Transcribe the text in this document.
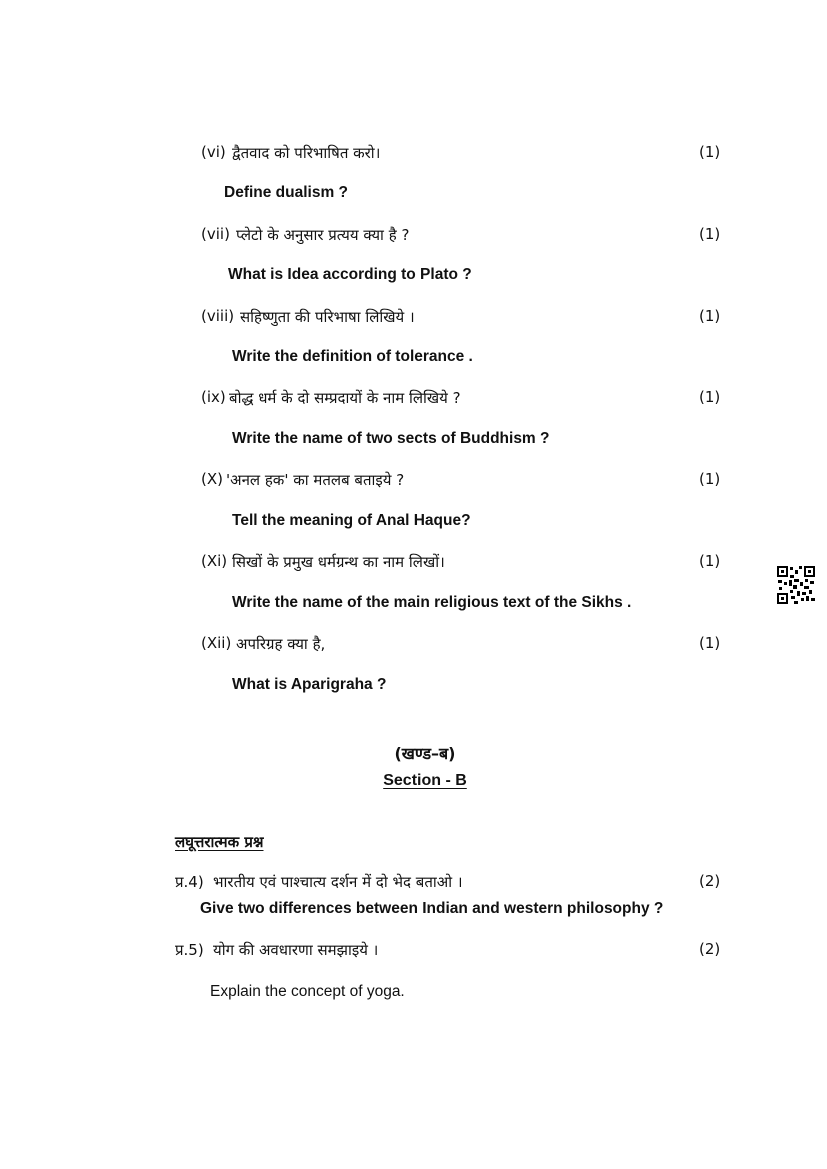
(vi) द्वैतवाद को परिभाषित करो।	(1)
Define dualism ?
(vii) प्लेटो के अनुसार प्रत्यय क्या है ?	(1)
What is Idea according to Plato ?
(viii) सहिष्णुता की परिभाषा लिखिये ।	(1)
Write the definition of tolerance .
(ix) बोद्ध धर्म के दो सम्प्रदायों के नाम लिखिये ?	(1)
Write the name of two sects of Buddhism ?
(X) 'अनल हक' का मतलब बताइये ?	(1)
Tell the meaning of Anal Haque?
(Xi) सिखों के प्रमुख धर्मग्रन्थ का नाम लिखों।	(1)
Write the name of the main religious text of the Sikhs .
(Xii) अपरिग्रह क्या है,	(1)
What is Aparigraha ?
(खण्ड–ब)
Section - B
लघूत्तरात्मक प्रश्न
प्र.4) भारतीय एवं पाश्चात्य दर्शन में दो भेद बताओ ।	(2)
Give two differences between Indian and western philosophy ?
प्र.5) योग की अवधारणा समझाइये ।	(2)
Explain the concept of yoga.
